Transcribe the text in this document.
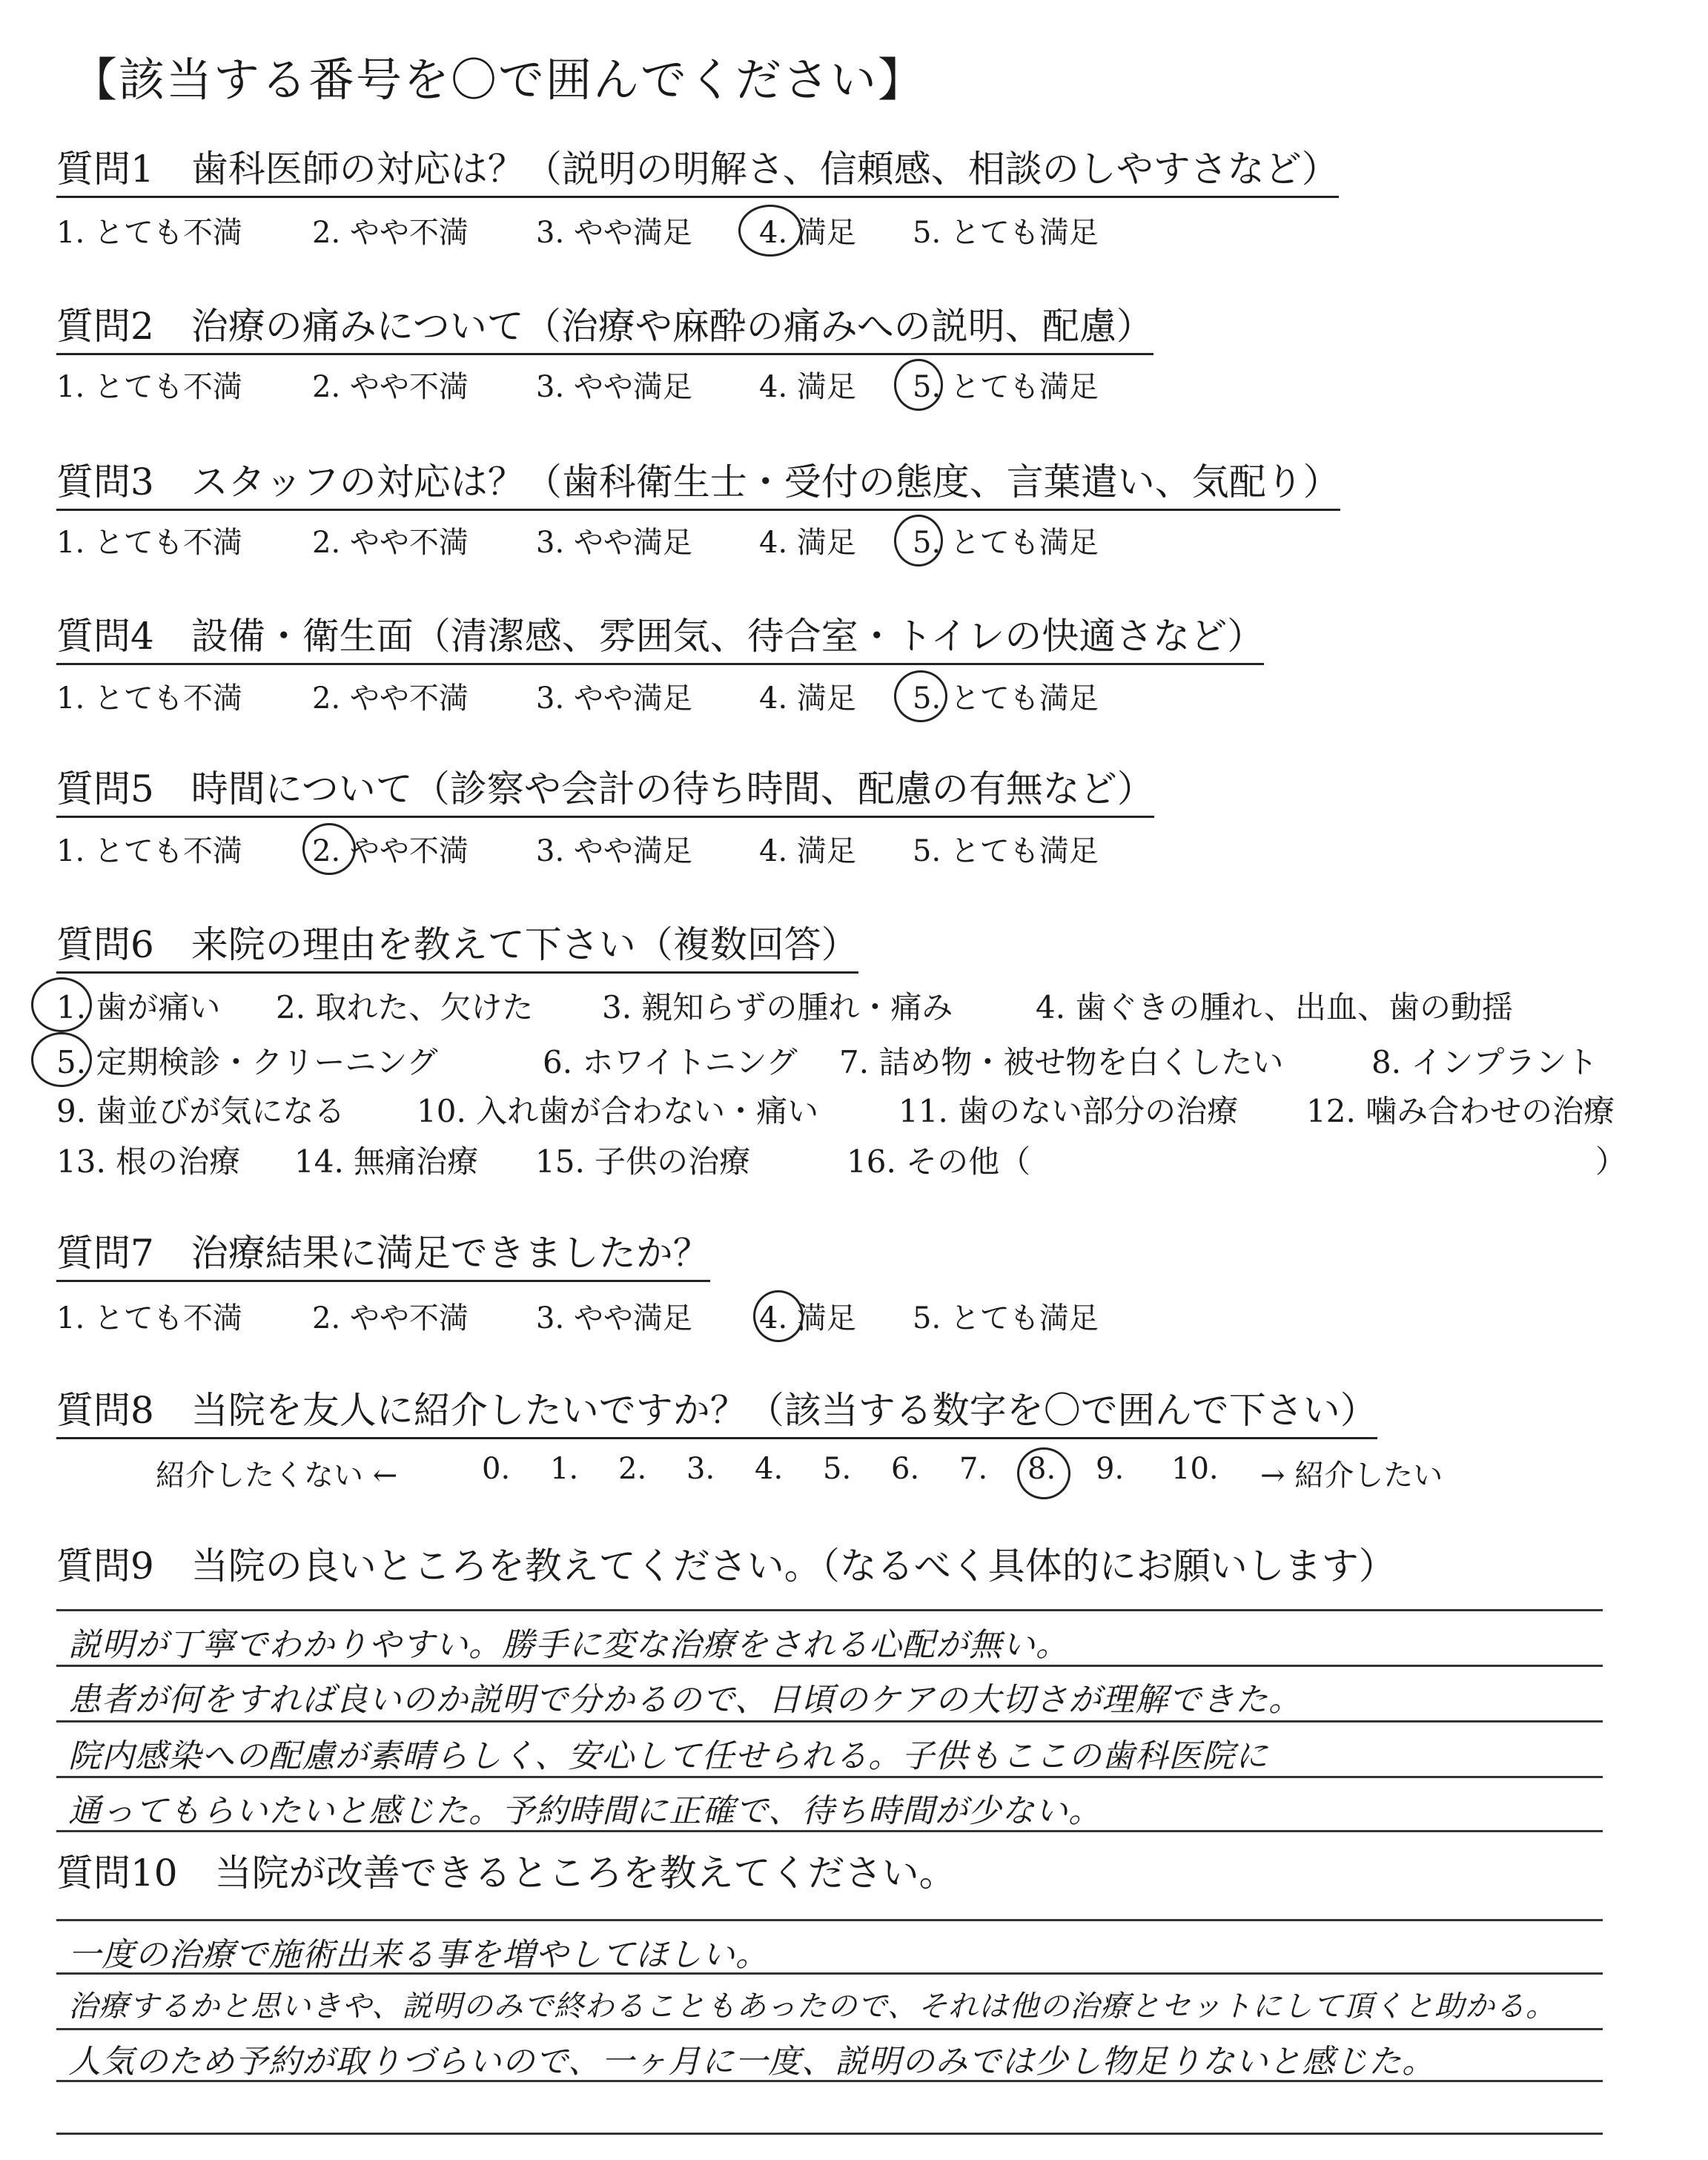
【該当する番号を〇で囲んでください】
質問1　歯科医師の対応は？（説明の明解さ、信頼感、相談のしやすさなど）
1. とても不満 2. やや不満 3. やや満足 4. 満足 5. とても満足
質問2　治療の痛みについて（治療や麻酔の痛みへの説明、配慮）
1. とても不満 2. やや不満 3. やや満足 4. 満足 5. とても満足
質問3　スタッフの対応は？（歯科衛生士・受付の態度、言葉遣い、気配り）
1. とても不満 2. やや不満 3. やや満足 4. 満足 5. とても満足
質問4　設備・衛生面（清潔感、雰囲気、待合室・トイレの快適さなど）
1. とても不満 2. やや不満 3. やや満足 4. 満足 5. とても満足
質問5　時間について（診察や会計の待ち時間、配慮の有無など）
1. とても不満 2. やや不満 3. やや満足 4. 満足 5. とても満足
質問6　来院の理由を教えて下さい（複数回答）
1. 歯が痛い 2. 取れた、欠けた 3. 親知らずの腫れ・痛み	4. 歯ぐきの腫れ、出血、歯の動揺
5. 定期検診・クリーニング	6. ホワイトニング 7. 詰め物・被せ物を白くしたい	8. インプラント
9. 歯並びが気になる 10. 入れ歯が合わない・痛い	11. 歯のない部分の治療 12. 噛み合わせの治療
13. 根の治療 14. 無痛治療 15. 子供の治療	16. その他（	）
質問7　治療結果に満足できましたか？
1. とても不満 2. やや不満 3. やや満足 4. 満足 5. とても満足
質問8　当院を友人に紹介したいですか？（該当する数字を〇で囲んで下さい）
紹介したくない ←	0. 1. 2. 3. 4. 5. 6. 7. 8. 9. 10. → 紹介したい
質問9　当院の良いところを教えてください。（なるべく具体的にお願いします）
説明が丁寧でわかりやすい。勝手に変な治療をされる心配が無い。
患者が何をすれば良いのか説明で分かるので、日頃のケアの大切さが理解できた。
院内感染への配慮が素晴らしく、安心して任せられる。子供もここの歯科医院に
通ってもらいたいと感じた。予約時間に正確で、待ち時間が少ない。
質問10　当院が改善できるところを教えてください。
一度の治療で施術出来る事を増やしてほしい。
治療するかと思いきや、説明のみで終わることもあったので、それは他の治療とセットにして頂くと助かる。
人気のため予約が取りづらいので、一ヶ月に一度、説明のみでは少し物足りないと感じた。
